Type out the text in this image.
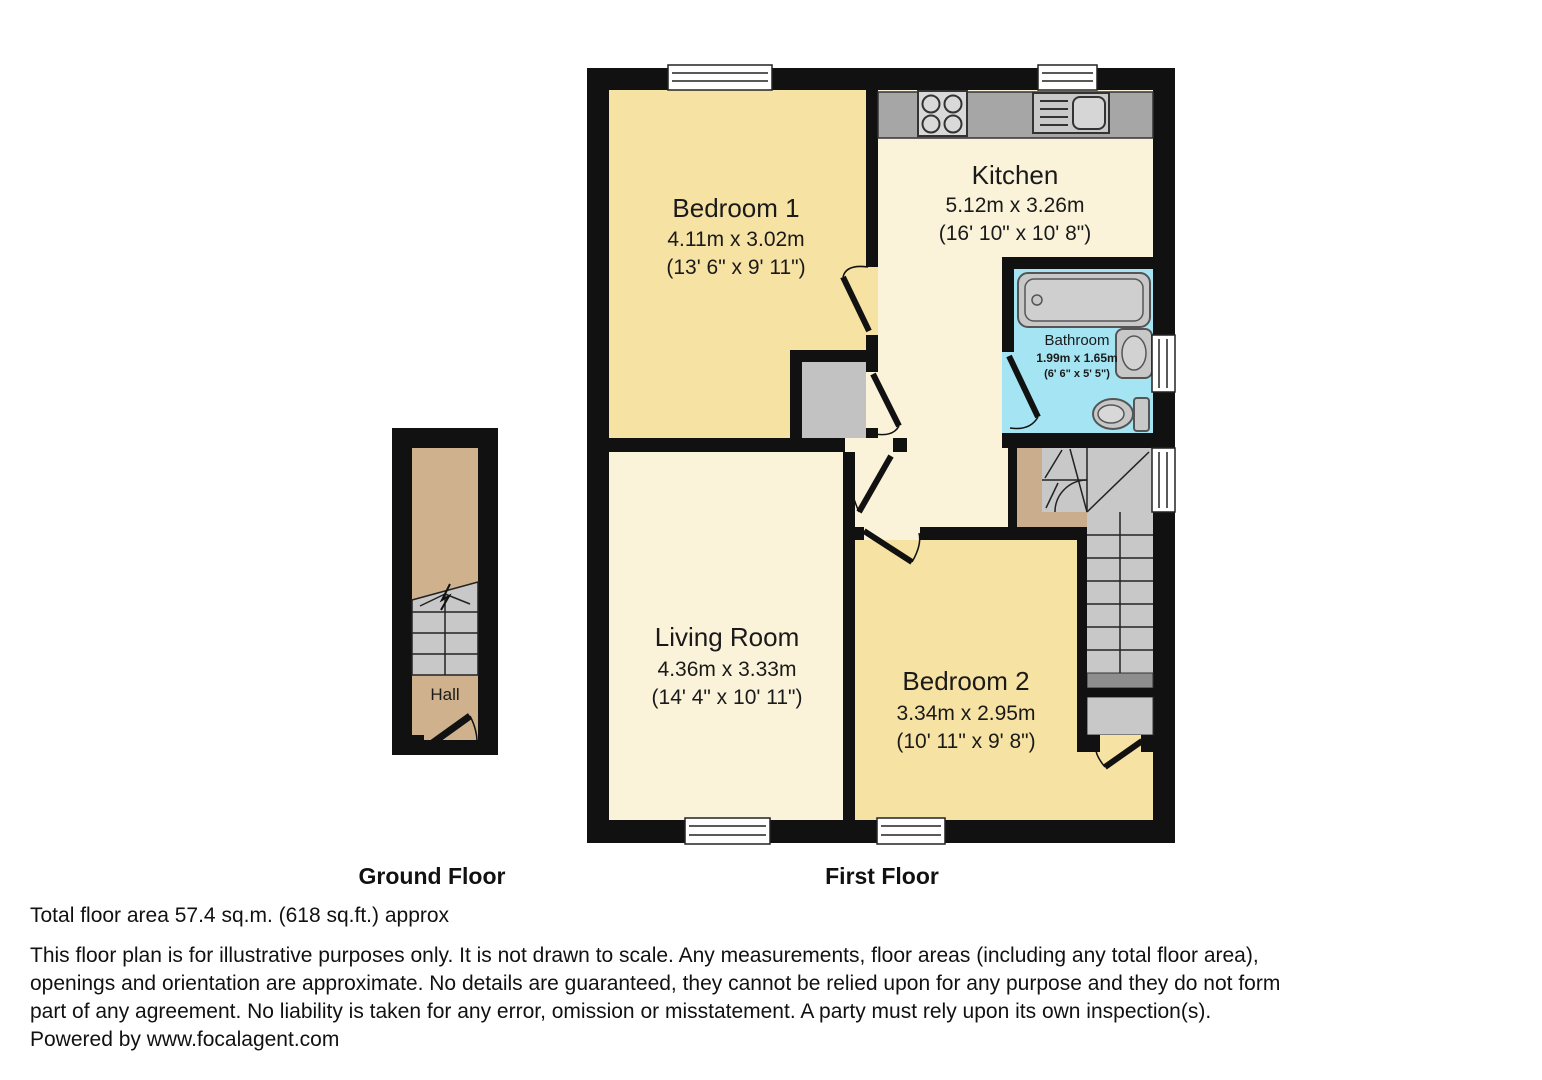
Hall
Bedroom 1
4.11m x 3.02m
(13' 6" x 9' 11")
Kitchen
5.12m x 3.26m
(16' 10" x 10' 8")
Bathroom
1.99m x 1.65m
(6' 6" x 5' 5")
Living Room
4.36m x 3.33m
(14' 4" x 10' 11")
Bedroom 2
3.34m x 2.95m
(10' 11" x 9' 8")
Ground Floor	First Floor
Total floor area 57.4 sq.m. (618 sq.ft.) approx
This floor plan is for illustrative purposes only. It is not drawn to scale. Any measurements, floor areas (including any total floor area),
openings and orientation are approximate. No details are guaranteed, they cannot be relied upon for any purpose and they do not form
part of any agreement. No liability is taken for any error, omission or misstatement. A party must rely upon its own inspection(s).
Powered by www.focalagent.com
